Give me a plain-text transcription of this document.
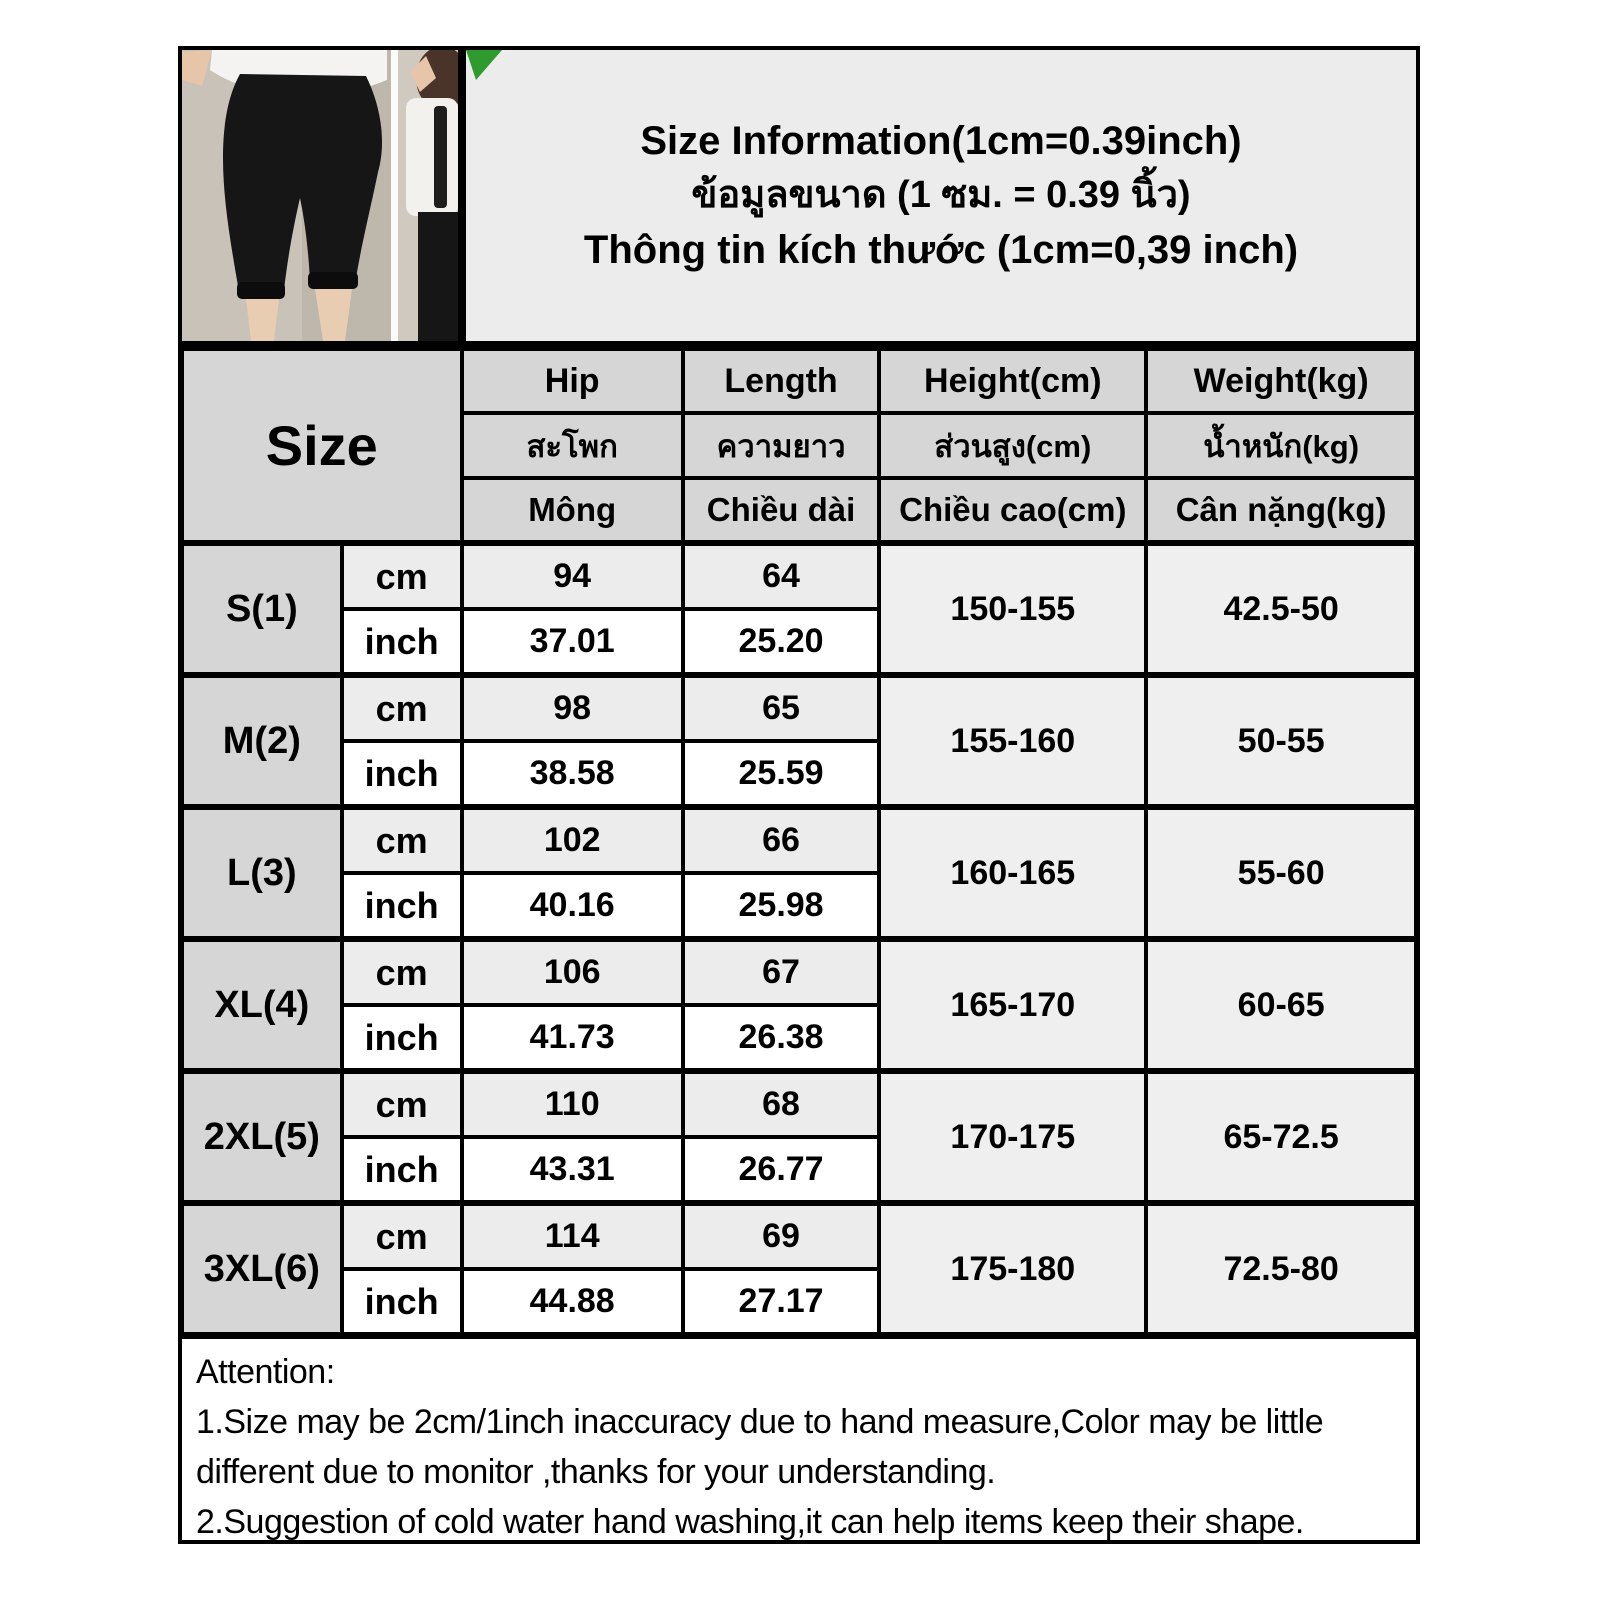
Size Information(1cm=0.39inch)
ข้อมูลขนาด (1 ซม. = 0.39 นิ้ว)
Thông tin kích thước (1cm=0,39 inch)
Size		Hip	Length	Height(cm)	Weight(kg)
		สะโพก	ความยาว	ส่วนสูง(cm)	น้ำหนัก(kg)
		Mông	Chiều dài	Chiều cao(cm)	Cân nặng(kg)
S(1)	cm	94	64	150-155	42.5-50
	inch	37.01	25.20		
M(2)	cm	98	65	155-160	50-55
	inch	38.58	25.59		
L(3)	cm	102	66	160-165	55-60
	inch	40.16	25.98		
XL(4)	cm	106	67	165-170	60-65
	inch	41.73	26.38		
2XL(5)	cm	110	68	170-175	65-72.5
	inch	43.31	26.77		
3XL(6)	cm	114	69	175-180	72.5-80
	inch	44.88	27.17		
Attention:
1.Size may be 2cm/1inch inaccuracy due to hand measure,Color may be little different due to monitor ,thanks for your understanding.
2.Suggestion of cold water hand washing,it can help items keep their shape.
